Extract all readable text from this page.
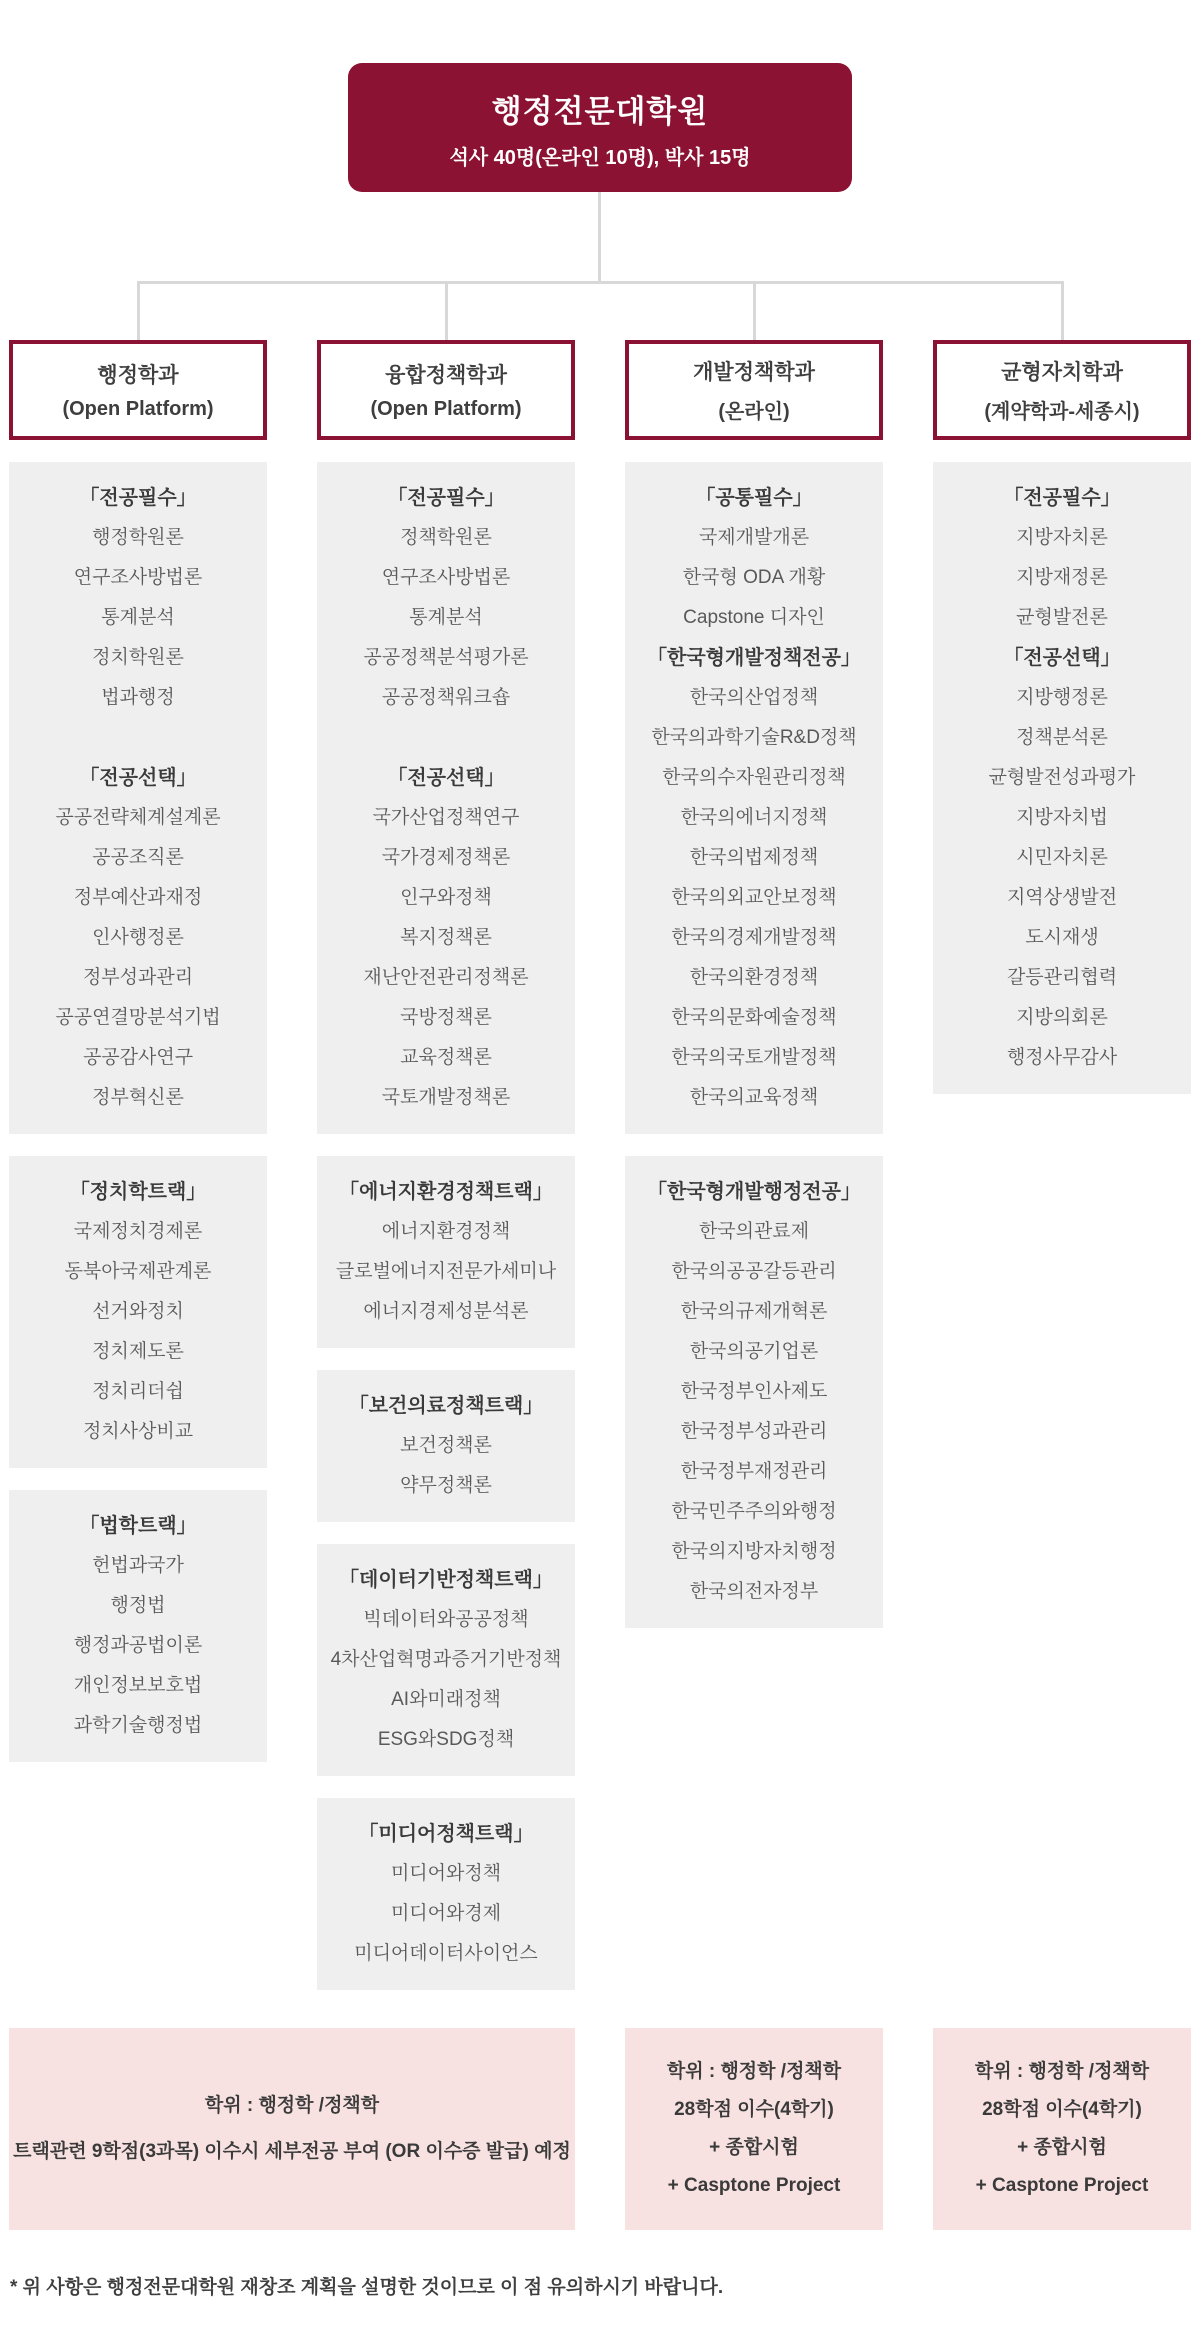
행정전문대학원
석사 40명(온라인 10명), 박사 15명
행정학과
(Open Platform)
「전공필수」
행정학원론
연구조사방법론
통계분석
정치학원론
법과행정
「전공선택」
공공전략체계설계론
공공조직론
정부예산과재정
인사행정론
정부성과관리
공공연결망분석기법
공공감사연구
정부혁신론
「정치학트랙」
국제정치경제론
동북아국제관계론
선거와정치
정치제도론
정치리더쉽
정치사상비교
「법학트랙」
헌법과국가
행정법
행정과공법이론
개인정보보호법
과학기술행정법
융합정책학과
(Open Platform)
「전공필수」
정책학원론
연구조사방법론
통계분석
공공정책분석평가론
공공정책워크숍
「전공선택」
국가산업정책연구
국가경제정책론
인구와정책
복지정책론
재난안전관리정책론
국방정책론
교육정책론
국토개발정책론
「에너지환경정책트랙」
에너지환경정책
글로벌에너지전문가세미나
에너지경제성분석론
「보건의료정책트랙」
보건정책론
약무정책론
「데이터기반정책트랙」
빅데이터와공공정책
4차산업혁명과증거기반정책
AI와미래정책
ESG와SDG정책
「미디어정책트랙」
미디어와정책
미디어와경제
미디어데이터사이언스
개발정책학과
(온라인)
「공통필수」
국제개발개론
한국형 ODA 개황
Capstone 디자인
「한국형개발정책전공」
한국의산업정책
한국의과학기술R&D정책
한국의수자원관리정책
한국의에너지정책
한국의법제정책
한국의외교안보정책
한국의경제개발정책
한국의환경정책
한국의문화예술정책
한국의국토개발정책
한국의교육정책
「한국형개발행정전공」
한국의관료제
한국의공공갈등관리
한국의규제개혁론
한국의공기업론
한국정부인사제도
한국정부성과관리
한국정부재정관리
한국민주주의와행정
한국의지방자치행정
한국의전자정부
균형자치학과
(계약학과-세종시)
「전공필수」
지방자치론
지방재정론
균형발전론
「전공선택」
지방행정론
정책분석론
균형발전성과평가
지방자치법
시민자치론
지역상생발전
도시재생
갈등관리협력
지방의회론
행정사무감사
학위 : 행정학 /정책학
트랙관련 9학점(3과목) 이수시 세부전공 부여 (OR 이수증 발급) 예정
학위 : 행정학 /정책학
28학점 이수(4학기)
+ 종합시험
+ Casptone Project
학위 : 행정학 /정책학
28학점 이수(4학기)
+ 종합시험
+ Casptone Project
* 위 사항은 행정전문대학원 재창조 계획을 설명한 것이므로 이 점 유의하시기 바랍니다.
